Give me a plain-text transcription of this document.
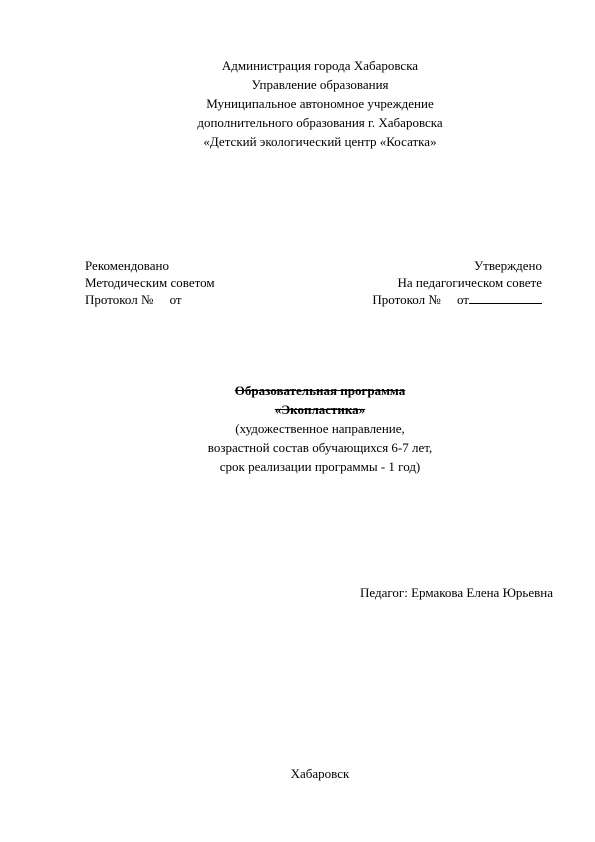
Администрация города Хабаровска
Управление образования
Муниципальное автономное учреждение
дополнительного образования г. Хабаровска
«Детский экологический центр «Косатка»
Рекомендовано
Методическим советом
Протокол №     от
Утверждено
На педагогическом совете
Протокол №     от
Образовательная программа
«Экопластика»
(художественное направление,
возрастной состав обучающихся 6-7 лет,
срок реализации программы - 1 год)
Педагог: Ермакова Елена Юрьевна
Хабаровск
